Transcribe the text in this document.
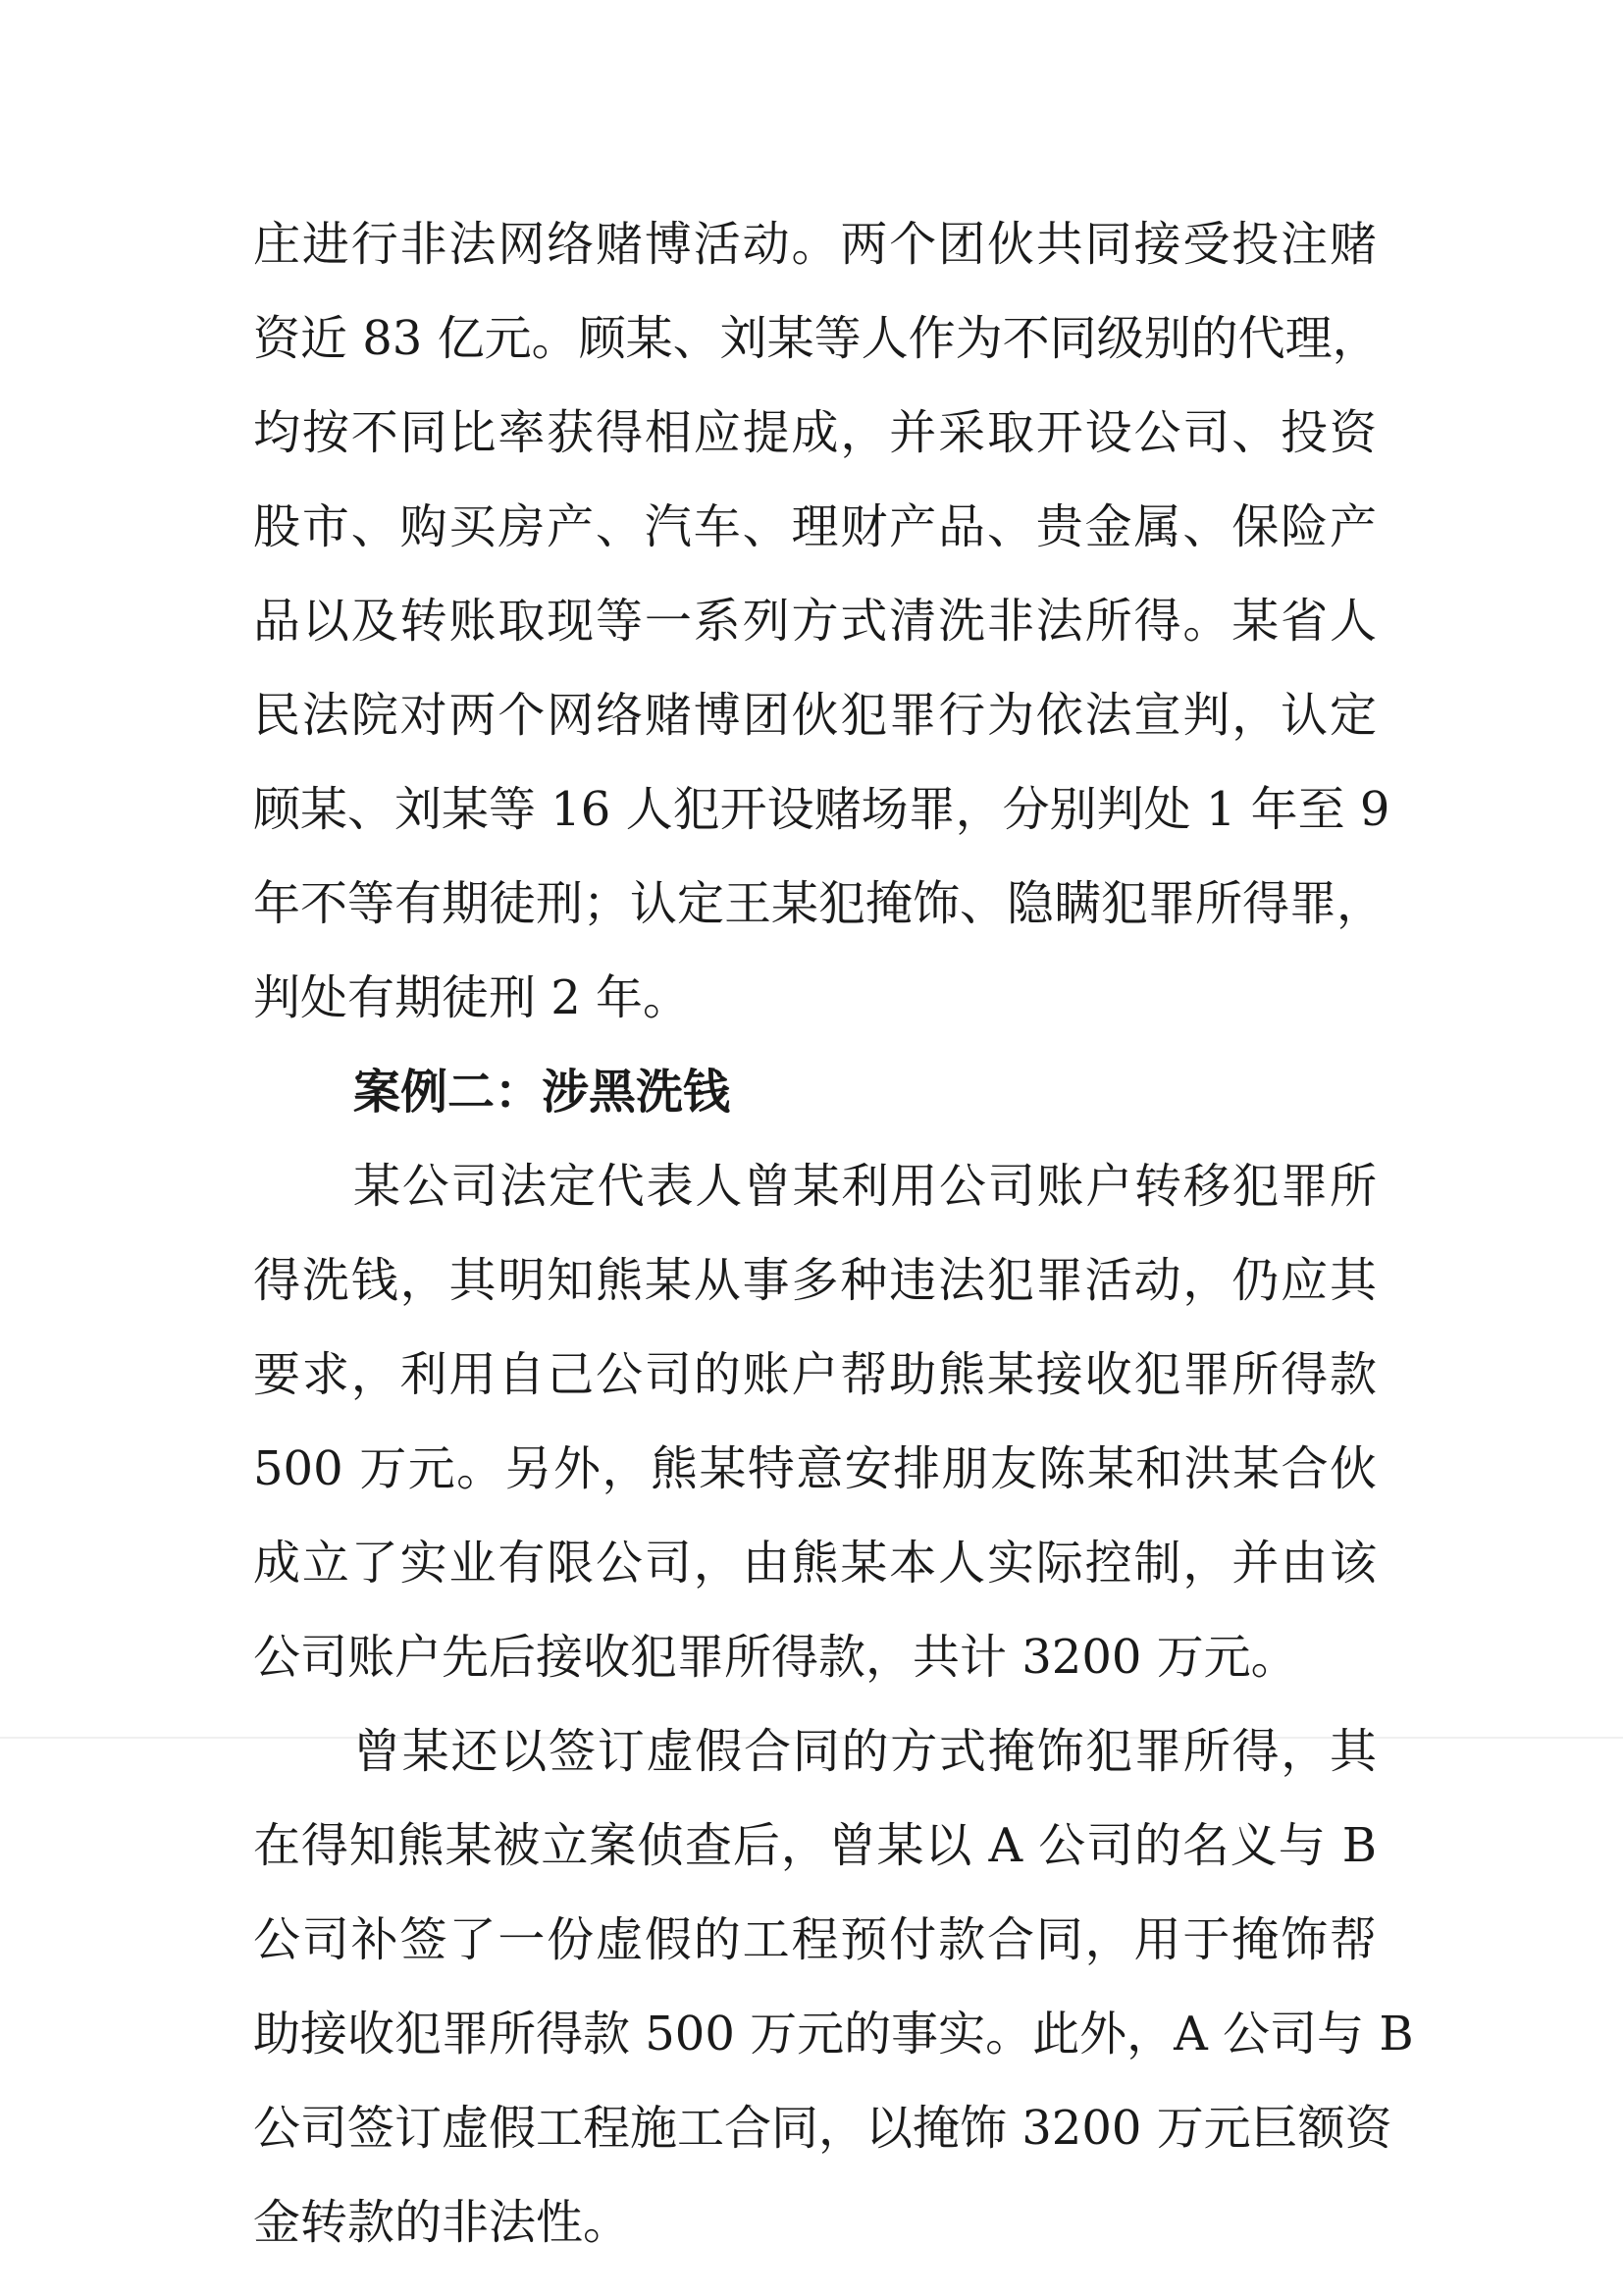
庄进行非法网络赌博活动。两个团伙共同接受投注赌
资近 83 亿元。顾某、刘某等人作为不同级别的代理，
均按不同比率获得相应提成，并采取开设公司、投资
股市、购买房产、汽车、理财产品、贵金属、保险产
品以及转账取现等一系列方式清洗非法所得。某省人
民法院对两个网络赌博团伙犯罪行为依法宣判，认定
顾某、刘某等 16 人犯开设赌场罪，分别判处 1 年至 9
年不等有期徒刑；认定王某犯掩饰、隐瞒犯罪所得罪，
判处有期徒刑 2 年。
案例二：涉黑洗钱
某公司法定代表人曾某利用公司账户转移犯罪所
得洗钱，其明知熊某从事多种违法犯罪活动，仍应其
要求，利用自己公司的账户帮助熊某接收犯罪所得款
500 万元。另外，熊某特意安排朋友陈某和洪某合伙
成立了实业有限公司，由熊某本人实际控制，并由该
公司账户先后接收犯罪所得款，共计 3200 万元。
曾某还以签订虚假合同的方式掩饰犯罪所得，其
在得知熊某被立案侦查后，曾某以 A 公司的名义与 B
公司补签了一份虚假的工程预付款合同，用于掩饰帮
助接收犯罪所得款 500 万元的事实。此外，A 公司与 B
公司签订虚假工程施工合同，以掩饰 3200 万元巨额资
金转款的非法性。
